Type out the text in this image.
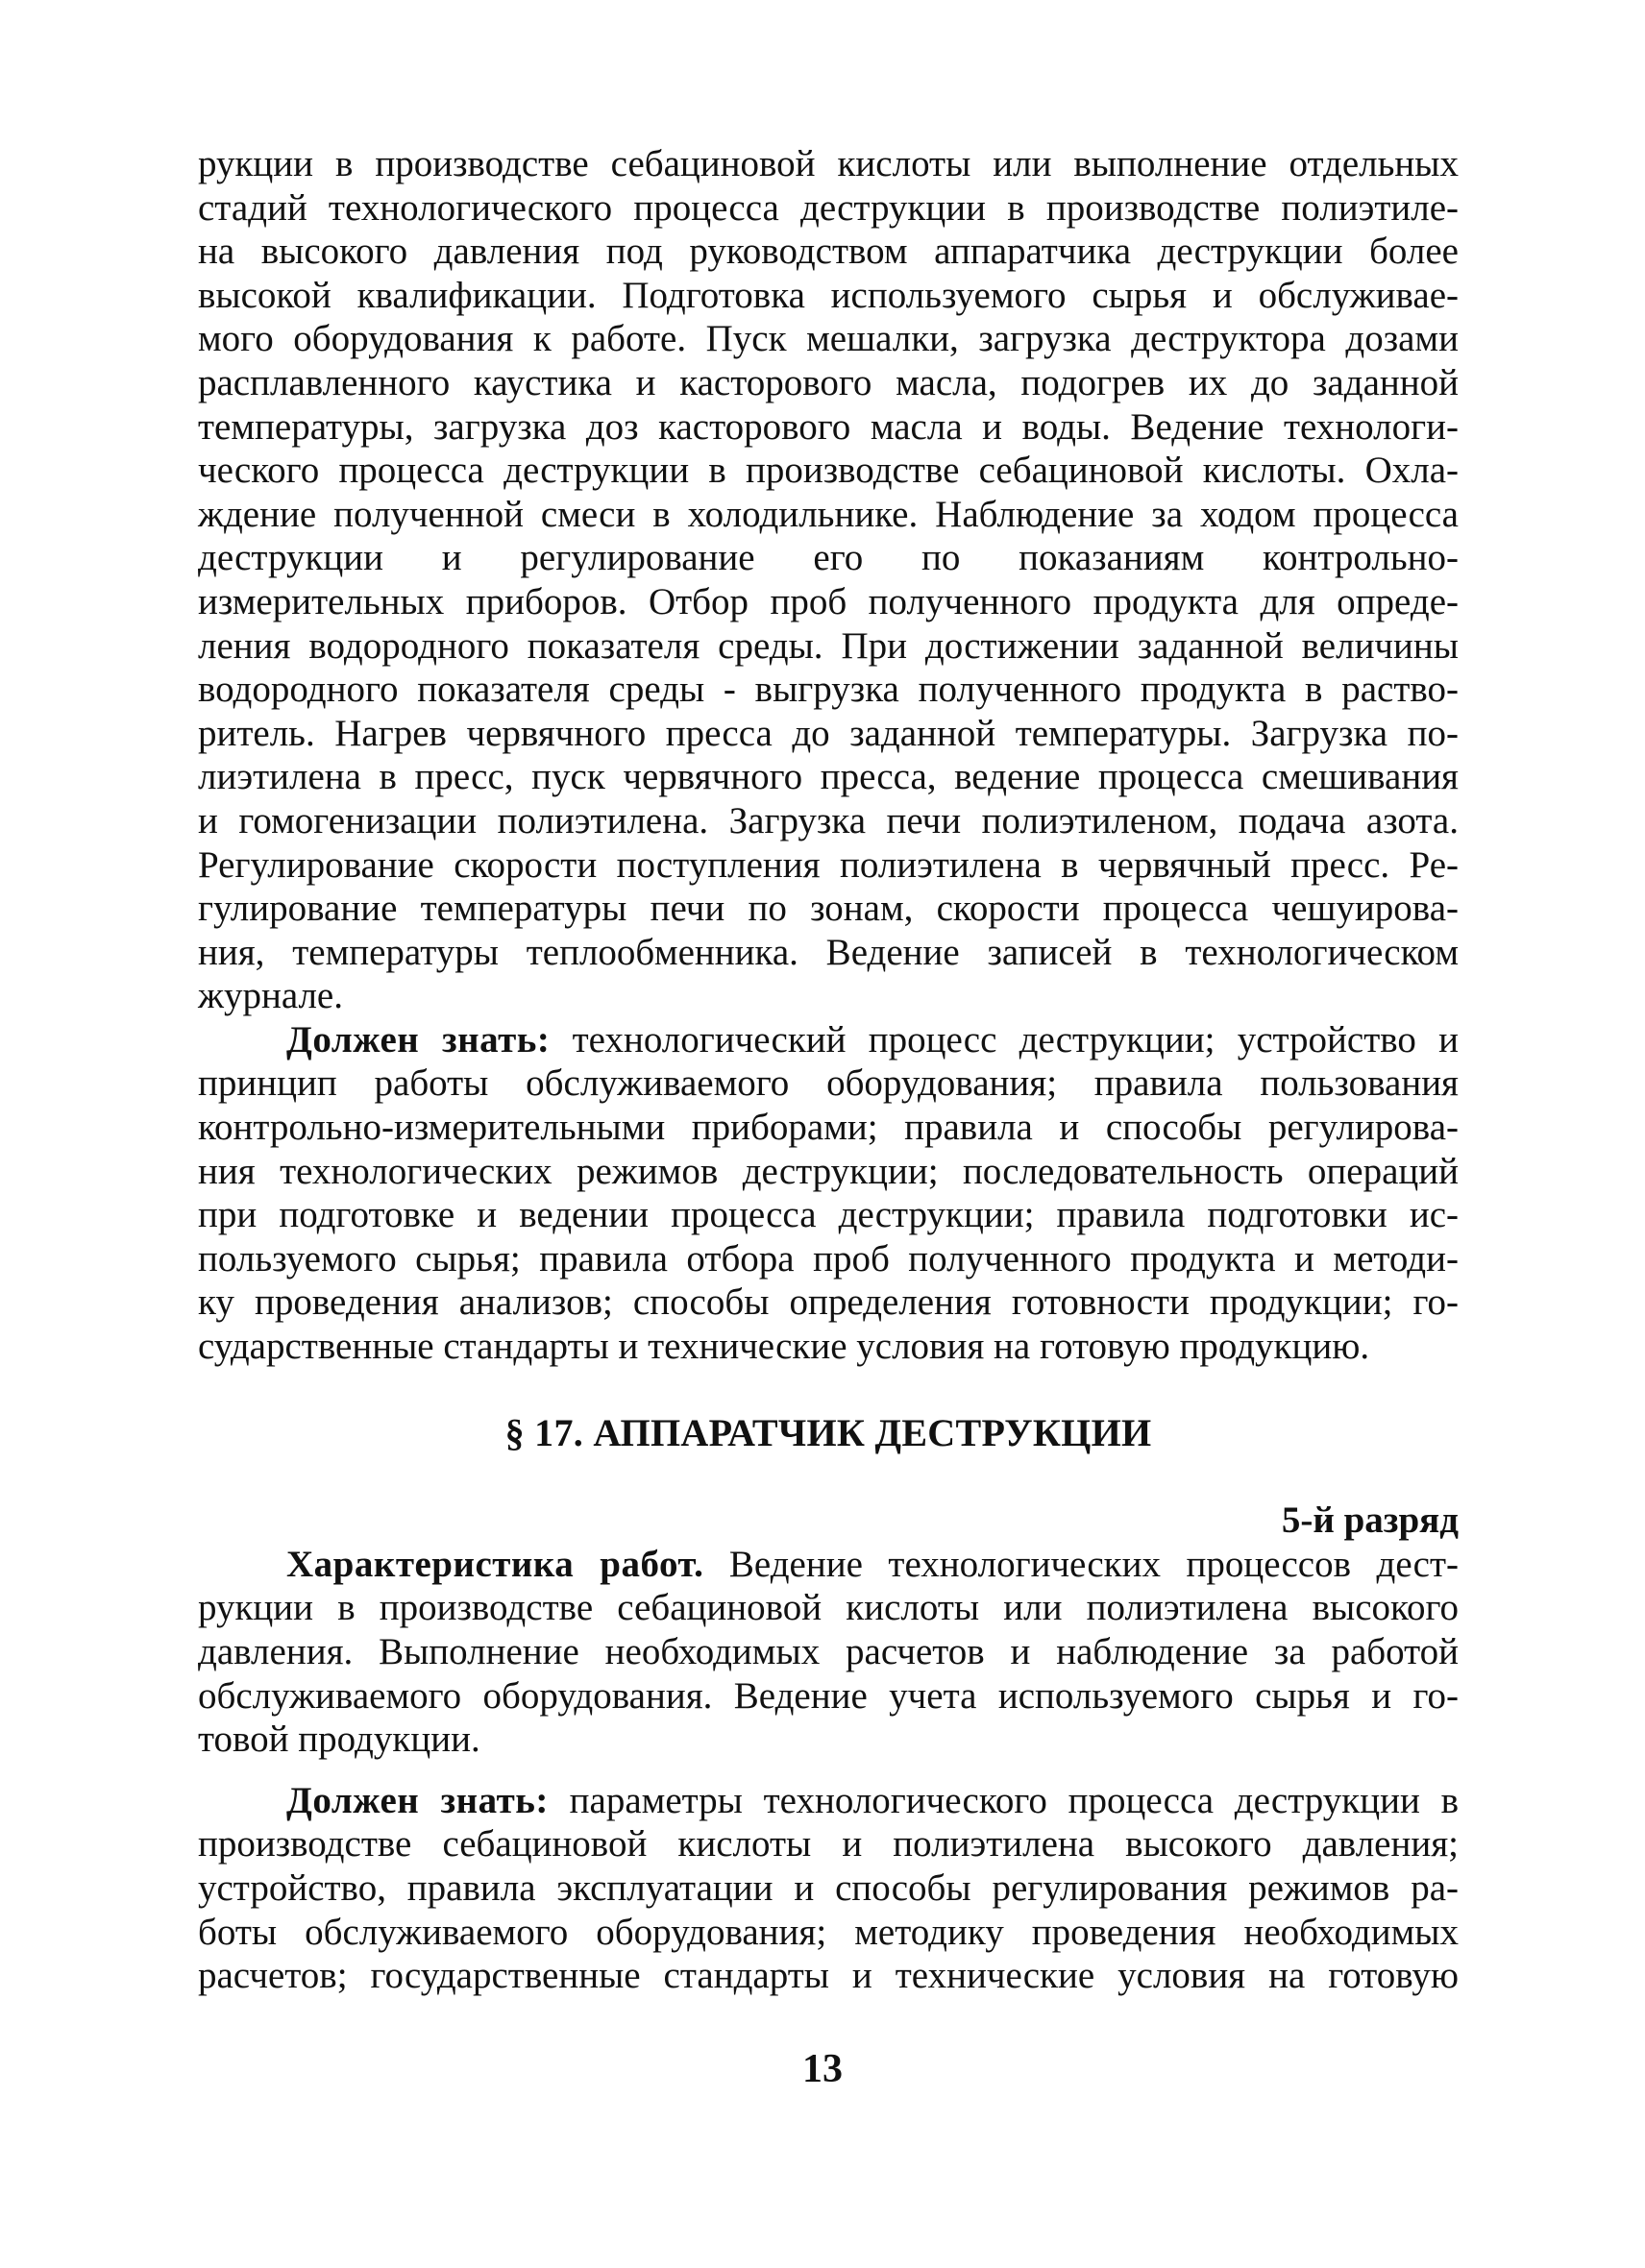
рукции в производстве себациновой кислоты или выполнение отдельных
стадий технологического процесса деструкции в производстве полиэтиле-
на высокого давления под руководством аппаратчика деструкции более
высокой квалификации. Подготовка используемого сырья и обслуживае-
мого оборудования к работе. Пуск мешалки, загрузка деструктора дозами
расплавленного каустика и касторового масла, подогрев их до заданной
температуры, загрузка доз касторового масла и воды. Ведение технологи-
ческого процесса деструкции в производстве себациновой кислоты. Охла-
ждение полученной смеси в холодильнике. Наблюдение за ходом процесса
деструкции и регулирование его по показаниям контрольно-
измерительных приборов. Отбор проб полученного продукта для опреде-
ления водородного показателя среды. При достижении заданной величины
водородного показателя среды - выгрузка полученного продукта в раство-
ритель. Нагрев червячного пресса до заданной температуры. Загрузка по-
лиэтилена в пресс, пуск червячного пресса, ведение процесса смешивания
и гомогенизации полиэтилена. Загрузка печи полиэтиленом, подача азота.
Регулирование скорости поступления полиэтилена в червячный пресс. Ре-
гулирование температуры печи по зонам, скорости процесса чешуирова-
ния, температуры теплообменника. Ведение записей в технологическом
журнале.
Должен знать: технологический процесс деструкции; устройство и
принцип работы обслуживаемого оборудования; правила пользования
контрольно-измерительными приборами; правила и способы регулирова-
ния технологических режимов деструкции; последовательность операций
при подготовке и ведении процесса деструкции; правила подготовки ис-
пользуемого сырья; правила отбора проб полученного продукта и методи-
ку проведения анализов; способы определения готовности продукции; го-
сударственные стандарты и технические условия на готовую продукцию.
§ 17. АППАРАТЧИК ДЕСТРУКЦИИ
5-й разряд
Характеристика работ. Ведение технологических процессов дест-
рукции в производстве себациновой кислоты или полиэтилена высокого
давления. Выполнение необходимых расчетов и наблюдение за работой
обслуживаемого оборудования. Ведение учета используемого сырья и го-
товой продукции.
Должен знать: параметры технологического процесса деструкции в
производстве себациновой кислоты и полиэтилена высокого давления;
устройство, правила эксплуатации и способы регулирования режимов ра-
боты обслуживаемого оборудования; методику проведения необходимых
расчетов; государственные стандарты и технические условия на готовую
13
